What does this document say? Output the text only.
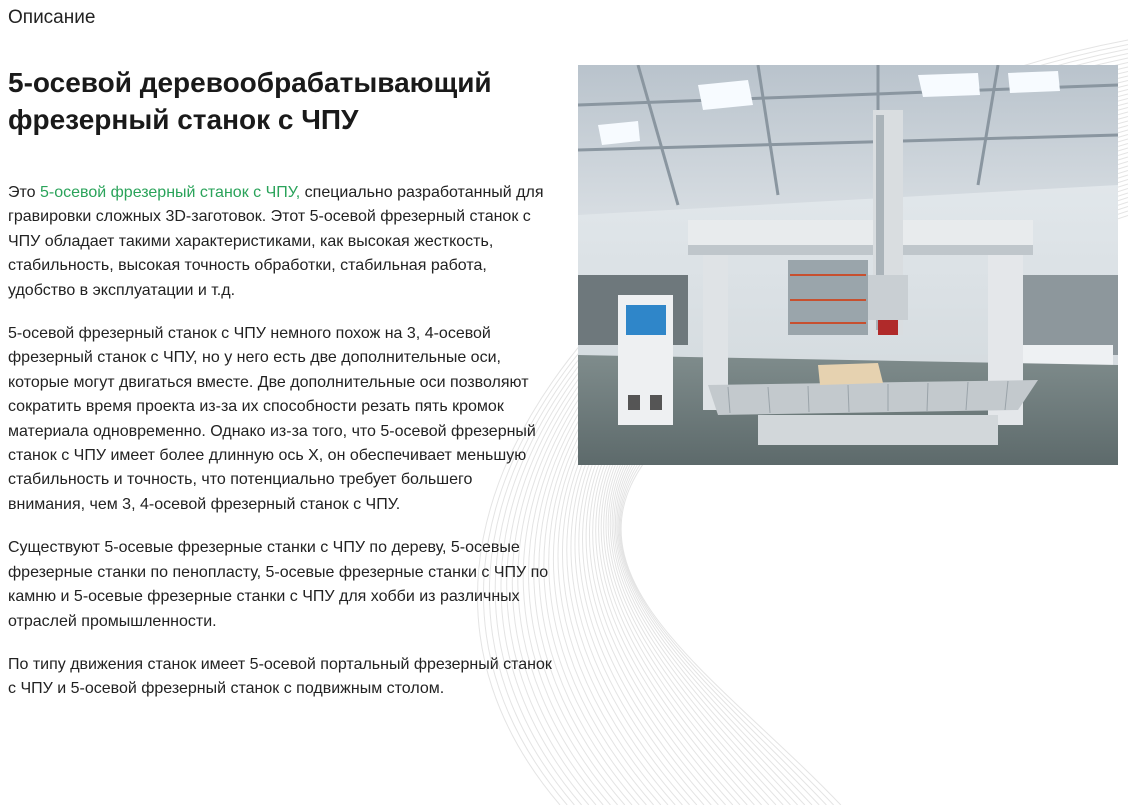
Описание
5-осевой деревообрабатывающий фрезерный станок с ЧПУ

Это 5-осевой фрезерный станок с ЧПУ, специально разработанный для гравировки сложных 3D-заготовок. Этот 5-осевой фрезерный станок с ЧПУ обладает такими характеристиками, как высокая жесткость, стабильность, высокая точность обработки, стабильная работа, удобство в эксплуатации и т.д.

5-осевой фрезерный станок с ЧПУ немного похож на 3, 4-осевой фрезерный станок с ЧПУ, но у него есть две дополнительные оси, которые могут двигаться вместе. Две дополнительные оси позволяют сократить время проекта из-за их способности резать пять кромок материала одновременно. Однако из-за того, что 5-осевой фрезерный станок с ЧПУ имеет более длинную ось X, он обеспечивает меньшую стабильность и точность, что потенциально требует большего внимания, чем 3, 4-осевой фрезерный станок с ЧПУ.

Существуют 5-осевые фрезерные станки с ЧПУ по дереву, 5-осевые фрезерные станки по пенопласту, 5-осевые фрезерные станки с ЧПУ по камню и 5-осевые фрезерные станки с ЧПУ для хобби из различных отраслей промышленности.

По типу движения станок имеет 5-осевой портальный фрезерный станок с ЧПУ и 5-осевой фрезерный станок с подвижным столом.
